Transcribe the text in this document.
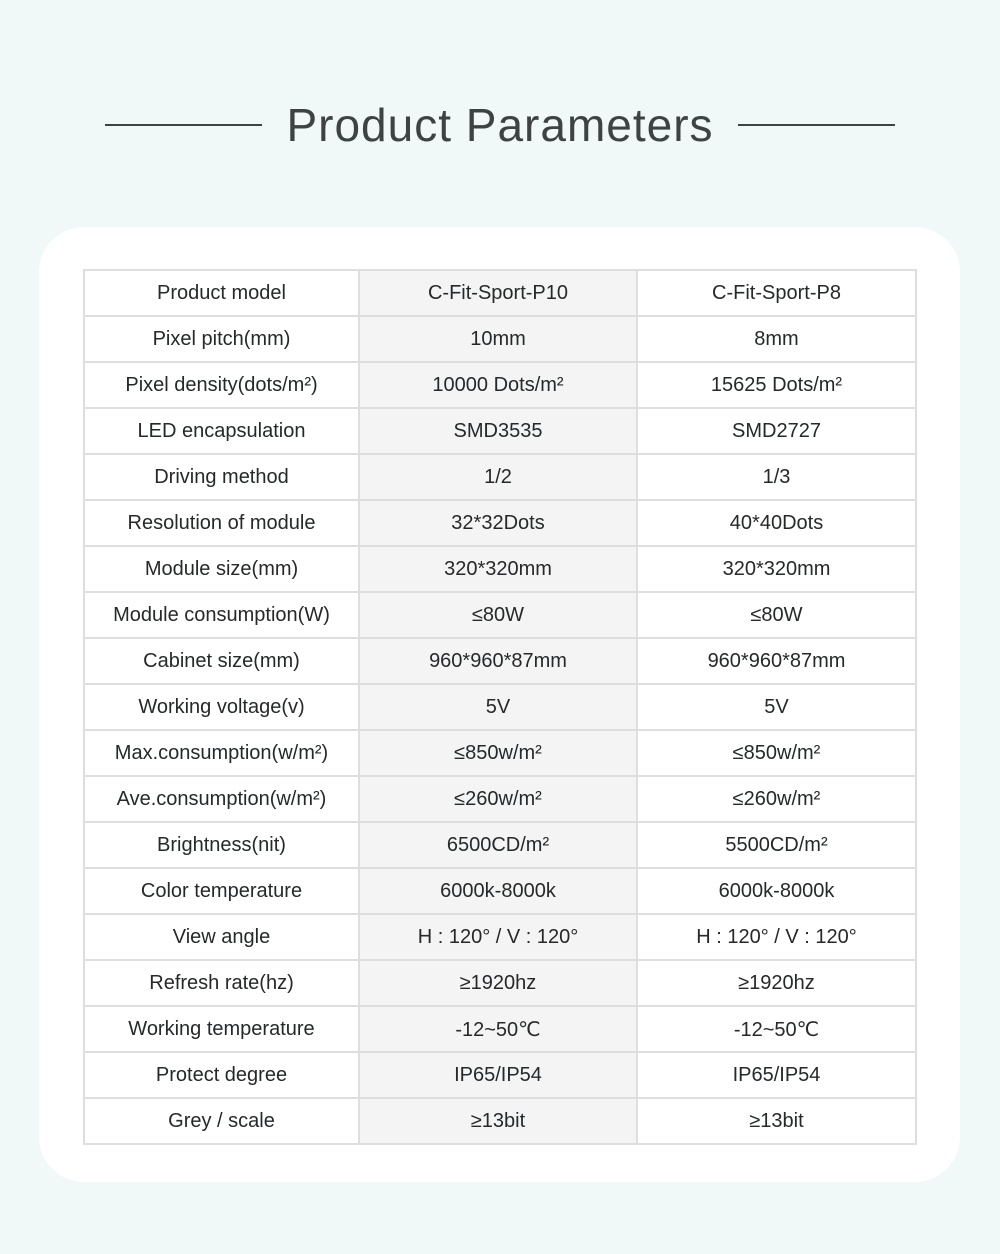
Product Parameters
Product model	C-Fit-Sport-P10	C-Fit-Sport-P8
Pixel pitch(mm)	10mm	8mm
Pixel density(dots/m²)	10000 Dots/m²	15625 Dots/m²
LED encapsulation	SMD3535	SMD2727
Driving method	1/2	1/3
Resolution of module	32*32Dots	40*40Dots
Module size(mm)	320*320mm	320*320mm
Module consumption(W)	≤80W	≤80W
Cabinet size(mm)	960*960*87mm	960*960*87mm
Working voltage(v)	5V	5V
Max.consumption(w/m²)	≤850w/m²	≤850w/m²
Ave.consumption(w/m²)	≤260w/m²	≤260w/m²
Brightness(nit)	6500CD/m²	5500CD/m²
Color temperature	6000k-8000k	6000k-8000k
View angle	H : 120° / V : 120°	H : 120° / V : 120°
Refresh rate(hz)	≥1920hz	≥1920hz
Working temperature	-12~50℃	-12~50℃
Protect degree	IP65/IP54	IP65/IP54
Grey / scale	≥13bit	≥13bit
